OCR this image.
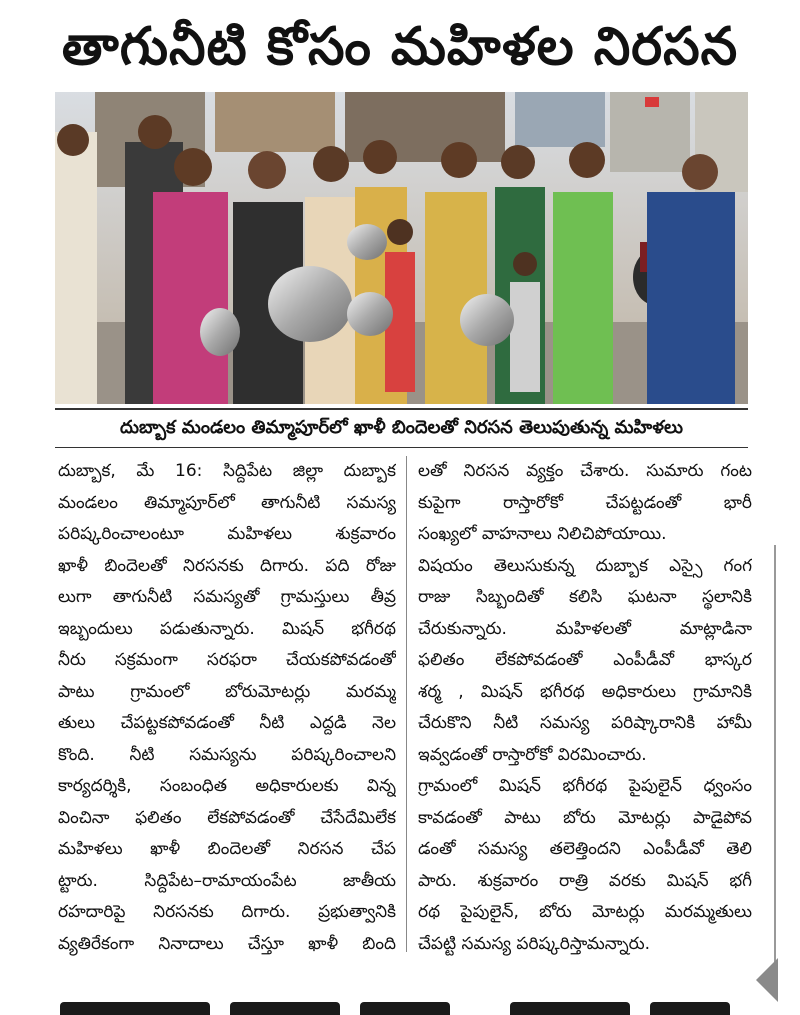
తాగునీటి కోసం మహిళల నిరసన
దుబ్బాక మండలం తిమ్మాపూర్‌లో ఖాళీ బిందెలతో నిరసన తెలుపుతున్న మహిళలు
దుబ్బాక, మే 16: సిద్దిపేట జిల్లా దుబ్బాక
మండలం తిమ్మాపూర్‌లో తాగునీటి సమస్య
పరిష్కరించాలంటూ మహిళలు శుక్రవారం
ఖాళీ బిందెలతో నిరసనకు దిగారు. పది రోజు
లుగా తాగునీటి సమస్యతో గ్రామస్తులు తీవ్ర
ఇబ్బందులు పడుతున్నారు. మిషన్ భగీరథ
నీరు సక్రమంగా సరఫరా చేయకపోవడంతో
పాటు గ్రామంలో బోరుమోటర్లు మరమ్మ
తులు చేపట్టకపోవడంతో నీటి ఎద్దడి నెల
కొంది. నీటి సమస్యను పరిష్కరించాలని
కార్యదర్శికి, సంబంధిత అధికారులకు విన్న
వించినా ఫలితం లేకపోవడంతో చేసేదేమిలేక
మహిళలు ఖాళీ బిందెలతో నిరసన చేప
ట్టారు. సిద్దిపేట–రామాయంపేట జాతీయ
రహదారిపై నిరసనకు దిగారు. ప్రభుత్వానికి
వ్యతిరేకంగా నినాదాలు చేస్తూ ఖాళీ బింది
లతో నిరసన వ్యక్తం చేశారు. సుమారు గంట
కుపైగా రాస్తారోకో చేపట్టడంతో భారీ
సంఖ్యలో వాహనాలు నిలిచిపోయాయి.
విషయం తెలుసుకున్న దుబ్బాక ఎస్సై గంగ
రాజు సిబ్బందితో కలిసి ఘటనా స్థలానికి
చేరుకున్నారు. మహిళలతో మాట్లాడినా
ఫలితం లేకపోవడంతో ఎంపీడీవో భాస్కర
శర్మ , మిషన్ భగీరథ అధికారులు గ్రామానికి
చేరుకొని నీటి సమస్య పరిష్కారానికి హామీ
ఇవ్వడంతో రాస్తారోకో విరమించారు.
గ్రామంలో మిషన్ భగీరథ పైపులైన్ ధ్వంసం
కావడంతో పాటు బోరు మోటర్లు పాడైపోవ
డంతో సమస్య తలెత్తిందని ఎంపీడీవో తెలి
పారు. శుక్రవారం రాత్రి వరకు మిషన్ భగీ
రథ పైపులైన్, బోరు మోటర్లు మరమ్మతులు
చేపట్టి సమస్య పరిష్కరిస్తామన్నారు.
